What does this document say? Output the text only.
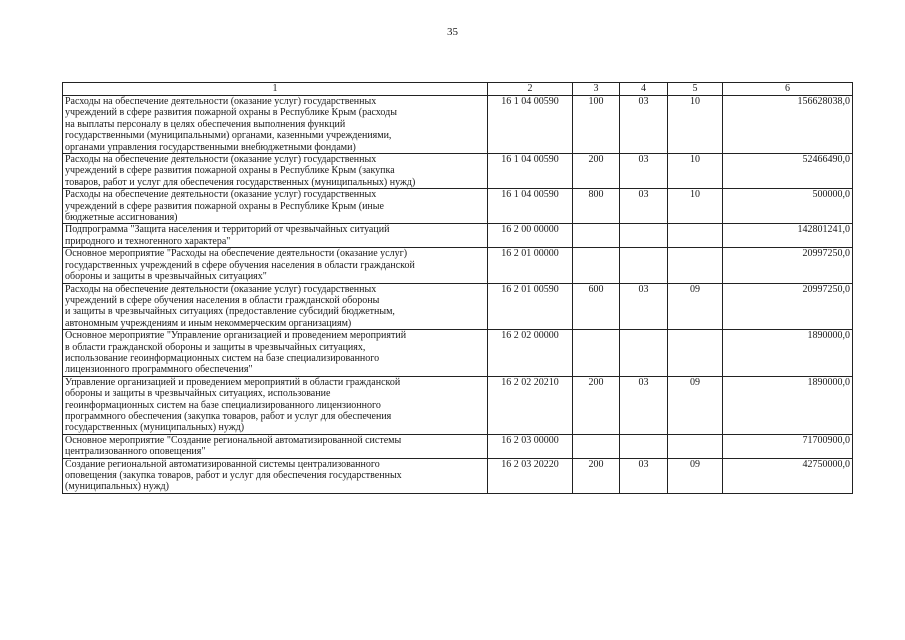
35
1	2	3	4	5	6

Расходы на обеспечение деятельности (оказание услуг) государственных
учреждений в сфере развития пожарной охраны в Республике Крым (расходы
на выплаты персоналу в целях обеспечения выполнения функций
государственными (муниципальными) органами, казенными учреждениями,
органами управления государственными внебюджетными фондами)	16 1 04 00590	100	03	10	156628038,0

Расходы на обеспечение деятельности (оказание услуг) государственных
учреждений в сфере развития пожарной охраны в Республике Крым (закупка
товаров, работ и услуг для обеспечения государственных (муниципальных) нужд)	16 1 04 00590	200	03	10	52466490,0

Расходы на обеспечение деятельности (оказание услуг) государственных
учреждений в сфере развития пожарной охраны в Республике Крым (иные
бюджетные ассигнования)	16 1 04 00590	800	03	10	500000,0

Подпрограмма "Защита населения и территорий от чрезвычайных ситуаций
природного и техногенного характера"	16 2 00 00000				142801241,0

Основное мероприятие "Расходы на обеспечение деятельности (оказание услуг)
государственных учреждений в сфере обучения населения в области гражданской
обороны и защиты в чрезвычайных ситуациях"	16 2 01 00000				20997250,0

Расходы на обеспечение деятельности (оказание услуг) государственных
учреждений в сфере обучения населения в области гражданской обороны
и защиты в чрезвычайных ситуациях (предоставление субсидий бюджетным,
автономным учреждениям и иным некоммерческим организациям)	16 2 01 00590	600	03	09	20997250,0

Основное мероприятие "Управление организацией и проведением мероприятий
в области гражданской обороны и защиты в чрезвычайных ситуациях,
использование геоинформационных систем на базе специализированного
лицензионного программного обеспечения"	16 2 02 00000				1890000,0

Управление организацией и проведением мероприятий в области гражданской
обороны и защиты в чрезвычайных ситуациях, использование
геоинформационных систем на базе специализированного лицензионного
программного обеспечения (закупка товаров, работ и услуг для обеспечения
государственных (муниципальных) нужд)	16 2 02 20210	200	03	09	1890000,0

Основное мероприятие "Создание региональной автоматизированной системы
централизованного оповещения"	16 2 03 00000				71700900,0

Создание региональной автоматизированной системы централизованного
оповещения (закупка товаров, работ и услуг для обеспечения государственных
(муниципальных) нужд)	16 2 03 20220	200	03	09	42750000,0
